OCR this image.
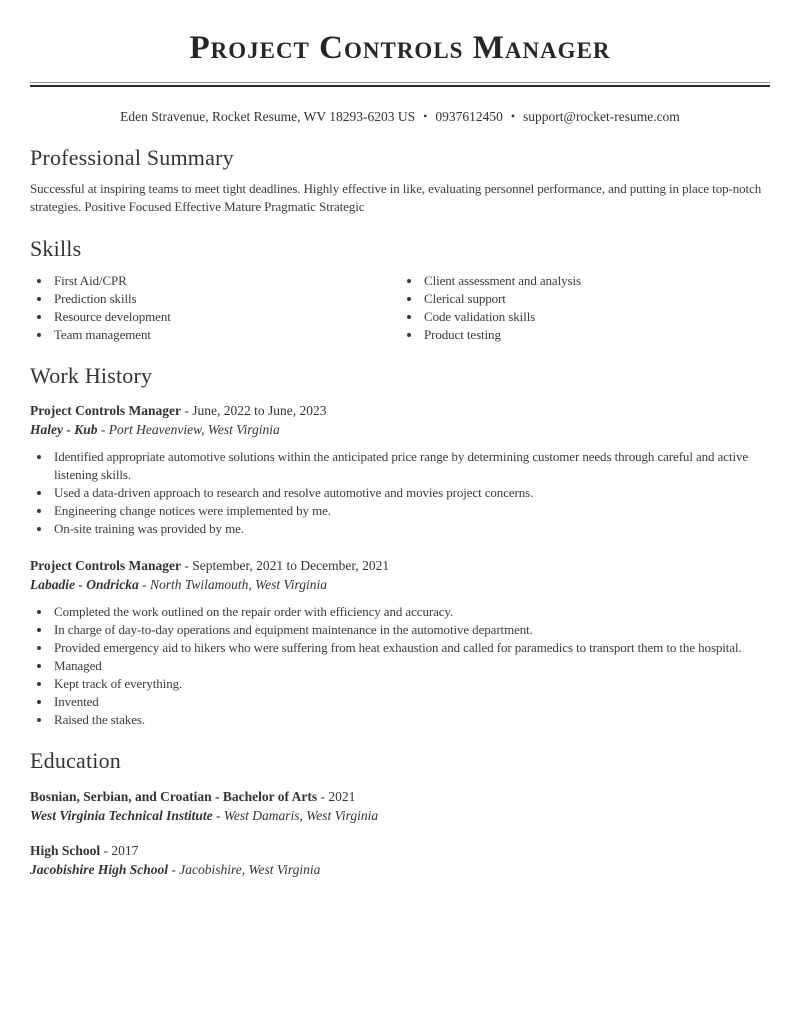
Project Controls Manager
Eden Stravenue, Rocket Resume, WV 18293-6203 US • 0937612450 • support@rocket-resume.com
Professional Summary

Successful at inspiring teams to meet tight deadlines. Highly effective in like, evaluating personnel performance, and putting in place top-notch strategies. Positive Focused Effective Mature Pragmatic Strategic

Skills
• First Aid/CPR
• Prediction skills
• Resource development
• Team management
• Client assessment and analysis
• Clerical support
• Code validation skills
• Product testing
Work History

Project Controls Manager - June, 2022 to June, 2023

Haley - Kub - Port Heavenview, West Virginia

• Identified appropriate automotive solutions within the anticipated price range by determining customer needs through careful and active listening skills.
• Used a data-driven approach to research and resolve automotive and movies project concerns.
• Engineering change notices were implemented by me.
• On-site training was provided by me.

Project Controls Manager - September, 2021 to December, 2021

Labadie - Ondricka - North Twilamouth, West Virginia

• Completed the work outlined on the repair order with efficiency and accuracy.
• In charge of day-to-day operations and equipment maintenance in the automotive department.
• Provided emergency aid to hikers who were suffering from heat exhaustion and called for paramedics to transport them to the hospital.
• Managed
• Kept track of everything.
• Invented
• Raised the stakes.
Education

Bosnian, Serbian, and Croatian - Bachelor of Arts - 2021

West Virginia Technical Institute - West Damaris, West Virginia

High School - 2017

Jacobishire High School - Jacobishire, West Virginia
